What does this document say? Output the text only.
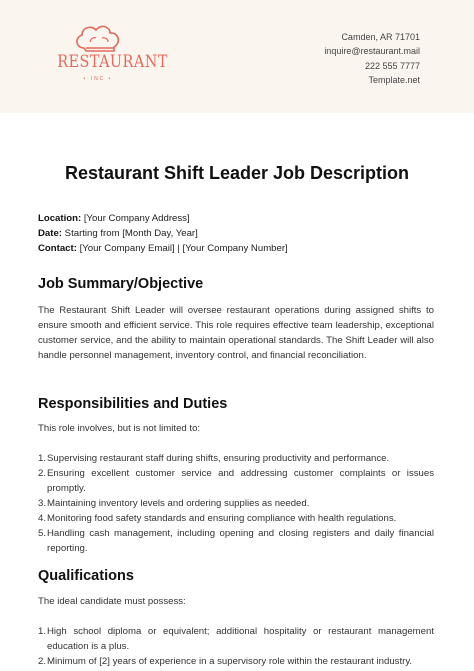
RESTAURANT
• INC •
Camden, AR 71701
inquire@restaurant.mail
222 555 7777
Template.net
Restaurant Shift Leader Job Description
Location: [Your Company Address]
Date: Starting from [Month Day, Year]
Contact: [Your Company Email] | [Your Company Number]
Job Summary/Objective
The Restaurant Shift Leader will oversee restaurant operations during assigned shifts to ensure smooth and efficient service. This role requires effective team leadership, exceptional customer service, and the ability to maintain operational standards. The Shift Leader will also handle personnel management, inventory control, and financial reconciliation.
Responsibilities and Duties
This role involves, but is not limited to:
1. Supervising restaurant staff during shifts, ensuring productivity and performance.
2. Ensuring excellent customer service and addressing customer complaints or issues promptly.
3. Maintaining inventory levels and ordering supplies as needed.
4. Monitoring food safety standards and ensuring compliance with health regulations.
5. Handling cash management, including opening and closing registers and daily financial reporting.
Qualifications
The ideal candidate must possess:
1. High school diploma or equivalent; additional hospitality or restaurant management education is a plus.
2. Minimum of [2] years of experience in a supervisory role within the restaurant industry.
